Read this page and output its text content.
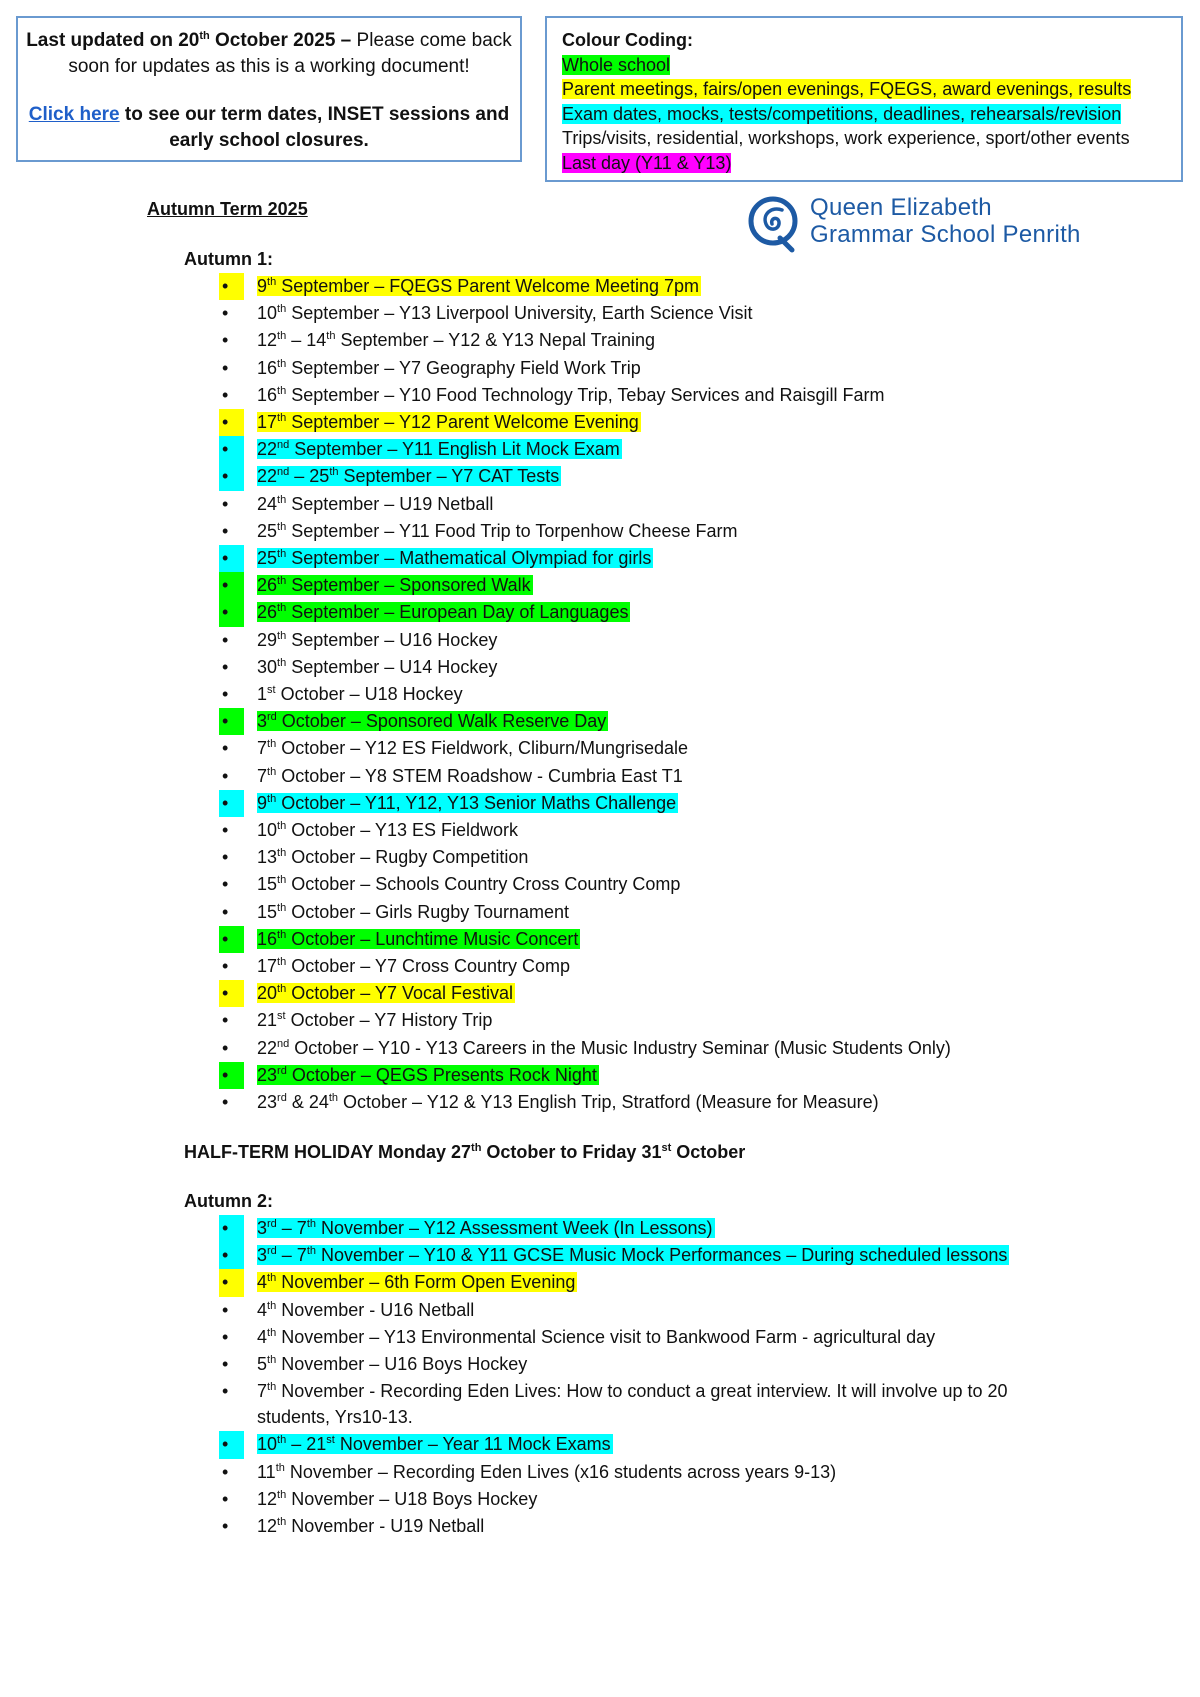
Last updated on 20th October 2025 – Please come back soon for updates as this is a working document!
Click here to see our term dates, INSET sessions and early school closures.
Colour Coding:
Whole school
Parent meetings, fairs/open evenings, FQEGS, award evenings, results
Exam dates, mocks, tests/competitions, deadlines, rehearsals/revision
Trips/visits, residential, workshops, work experience, sport/other events
Last day (Y11 & Y13)
Autumn Term 2025	Queen Elizabeth
Grammar School Penrith
Autumn 1:
•	9th September – FQEGS Parent Welcome Meeting 7pm
• 10th September – Y13 Liverpool University, Earth Science Visit
• 12th – 14th September – Y12 & Y13 Nepal Training
• 16th September – Y7 Geography Field Work Trip
• 16th September – Y10 Food Technology Trip, Tebay Services and Raisgill Farm
•	17th September – Y12 Parent Welcome Evening
•	22nd September – Y11 English Lit Mock Exam
•	22nd – 25th September – Y7 CAT Tests
• 24th September – U19 Netball
• 25th September – Y11 Food Trip to Torpenhow Cheese Farm
•	25th September – Mathematical Olympiad for girls
•	26th September – Sponsored Walk
•	26th September – European Day of Languages
• 29th September – U16 Hockey
• 30th September – U14 Hockey
• 1st October – U18 Hockey
•	3rd October – Sponsored Walk Reserve Day
• 7th October – Y12 ES Fieldwork, Cliburn/Mungrisedale
• 7th October – Y8 STEM Roadshow - Cumbria East T1
•	9th October – Y11, Y12, Y13 Senior Maths Challenge
• 10th October – Y13 ES Fieldwork
• 13th October – Rugby Competition
• 15th October – Schools Country Cross Country Comp
• 15th October – Girls Rugby Tournament
•	16th October – Lunchtime Music Concert
• 17th October – Y7 Cross Country Comp
•	20th October – Y7 Vocal Festival
• 21st October – Y7 History Trip
• 22nd October – Y10 - Y13 Careers in the Music Industry Seminar (Music Students Only)
•	23rd October – QEGS Presents Rock Night
• 23rd & 24th October – Y12 & Y13 English Trip, Stratford (Measure for Measure)
HALF-TERM HOLIDAY Monday 27th October to Friday 31st October
Autumn 2:
•	3rd – 7th November – Y12 Assessment Week (In Lessons)
•	3rd – 7th November – Y10 & Y11 GCSE Music Mock Performances – During scheduled lessons
•	4th November – 6th Form Open Evening
• 4th November - U16 Netball
• 4th November – Y13 Environmental Science visit to Bankwood Farm - agricultural day
• 5th November – U16 Boys Hockey
• 7th November - Recording Eden Lives: How to conduct a great interview. It will involve up to 20 students, Yrs10-13.
•	10th – 21st November – Year 11 Mock Exams
• 11th November – Recording Eden Lives (x16 students across years 9-13)
• 12th November – U18 Boys Hockey
• 12th November - U19 Netball
